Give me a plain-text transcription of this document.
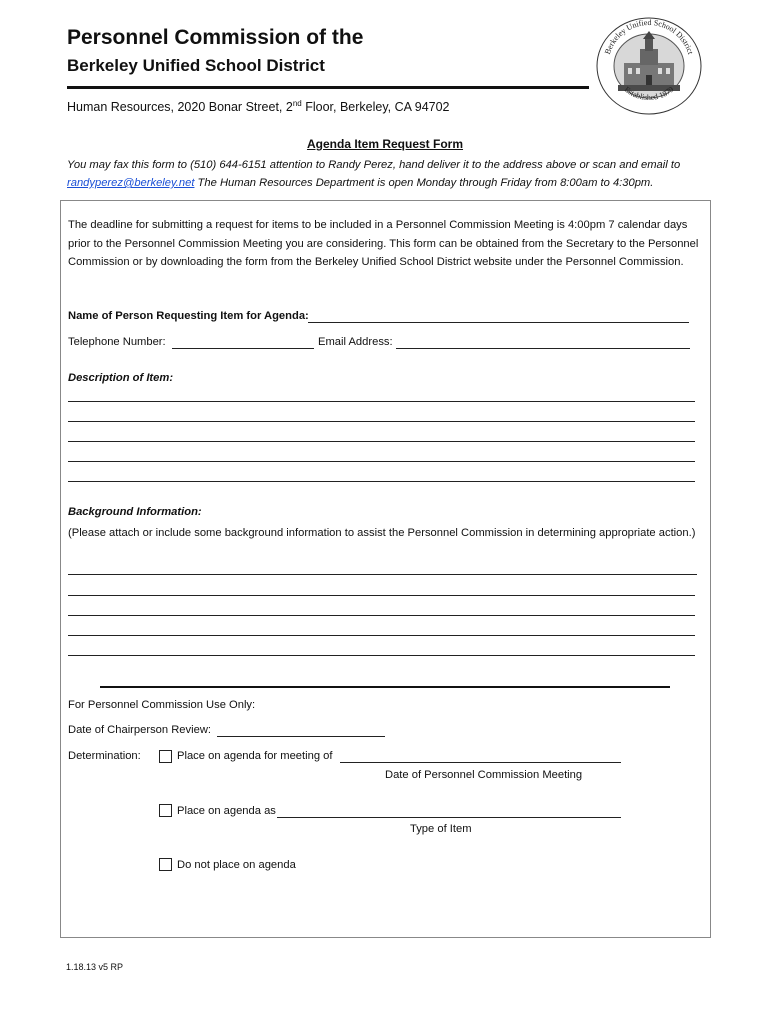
Personnel Commission of the
Berkeley Unified School District
Human Resources, 2020 Bonar Street, 2nd Floor, Berkeley, CA 94702
Berkeley Unified School District
Established 1879
Agenda Item Request Form
You may fax this form to (510) 644-6151 attention to Randy Perez, hand deliver it to the address above or scan and email to
randyperez@berkeley.net The Human Resources Department is open Monday through Friday from 8:00am to 4:30pm.
The deadline for submitting a request for items to be included in a Personnel Commission Meeting is 4:00pm 7 calendar days prior to the Personnel Commission Meeting you are considering. This form can be obtained from the Secretary to the Personnel Commission or by downloading the form from the Berkeley Unified School District website under the Personnel Commission.
Name of Person Requesting Item for Agenda:
Telephone Number:	Email Address:
Description of Item:
Background Information:
(Please attach or include some background information to assist the Personnel Commission in determining appropriate action.)
For Personnel Commission Use Only:
Date of Chairperson Review:
Determination:	Place on agenda for meeting of
Date of Personnel Commission Meeting
Place on agenda as
Type of Item
Do not place on agenda
1.18.13 v5 RP
